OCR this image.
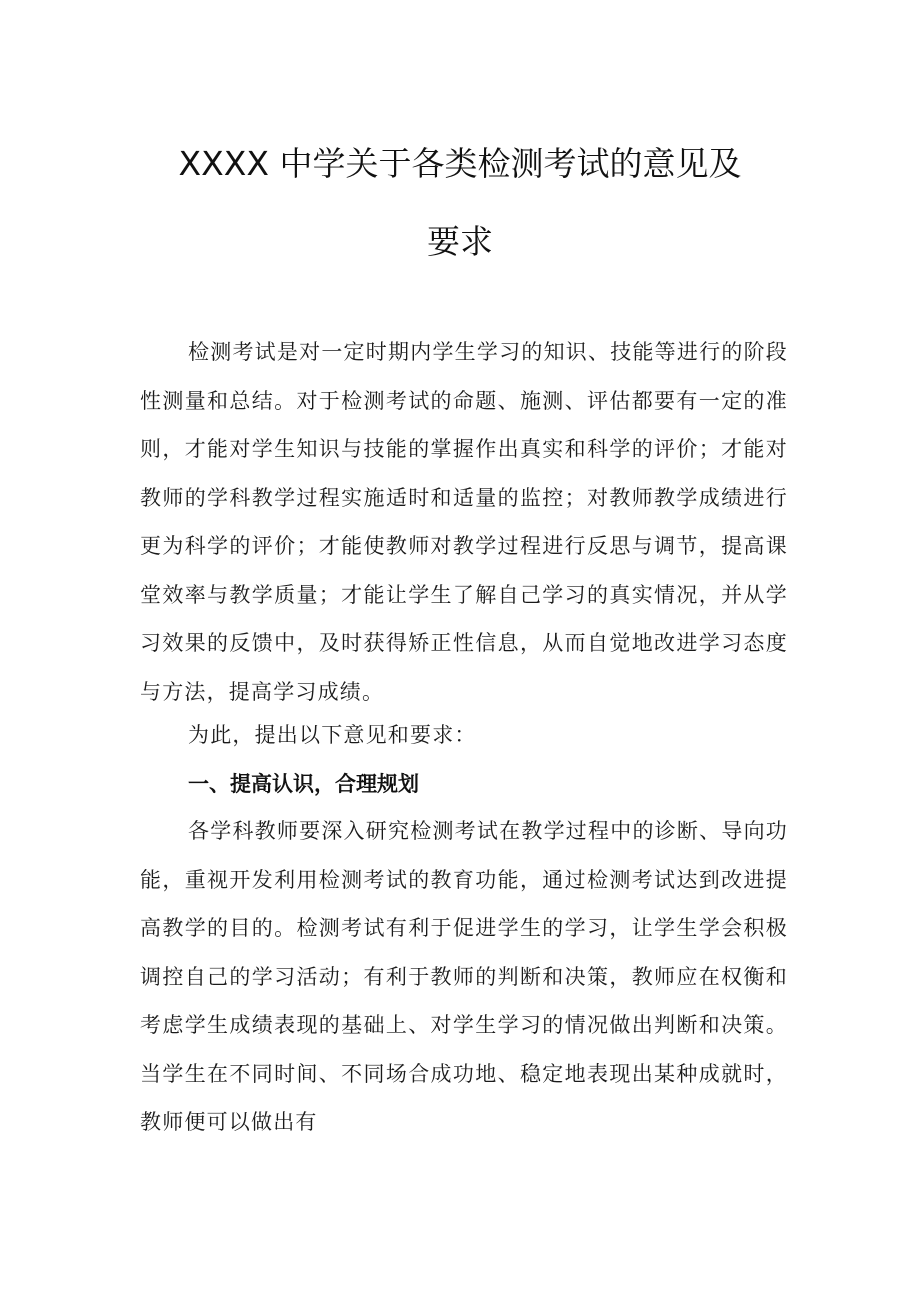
XXXX 中学关于各类检测考试的意见及
要求

检测考试是对一定时期内学生学习的知识、技能等进行的阶段性测量和总结。对于检测考试的命题、施测、评估都要有一定的准则，才能对学生知识与技能的掌握作出真实和科学的评价；才能对教师的学科教学过程实施适时和适量的监控；对教师教学成绩进行更为科学的评价；才能使教师对教学过程进行反思与调节，提高课堂效率与教学质量；才能让学生了解自己学习的真实情况，并从学习效果的反馈中，及时获得矫正性信息，从而自觉地改进学习态度与方法，提高学习成绩。

为此，提出以下意见和要求：

一、提高认识，合理规划

各学科教师要深入研究检测考试在教学过程中的诊断、导向功能，重视开发利用检测考试的教育功能，通过检测考试达到改进提高教学的目的。检测考试有利于促进学生的学习，让学生学会积极调控自己的学习活动；有利于教师的判断和决策，教师应在权衡和考虑学生成绩表现的基础上、对学生学习的情况做出判断和决策。当学生在不同时间、不同场合成功地、稳定地表现出某种成就时，教师便可以做出有
